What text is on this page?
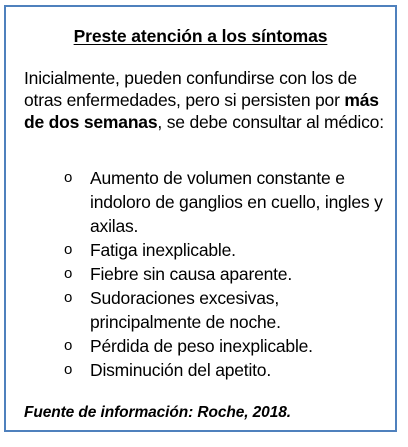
Preste atención a los síntomas
Inicialmente, pueden confundirse con los de otras enfermedades, pero si persisten por más de dos semanas, se debe consultar al médico:
o Aumento de volumen constante e indoloro de ganglios en cuello, ingles y axilas.
o Fatiga inexplicable.
o Fiebre sin causa aparente.
o Sudoraciones excesivas, principalmente de noche.
o Pérdida de peso inexplicable.
o Disminución del apetito.
Fuente de información: Roche, 2018.
